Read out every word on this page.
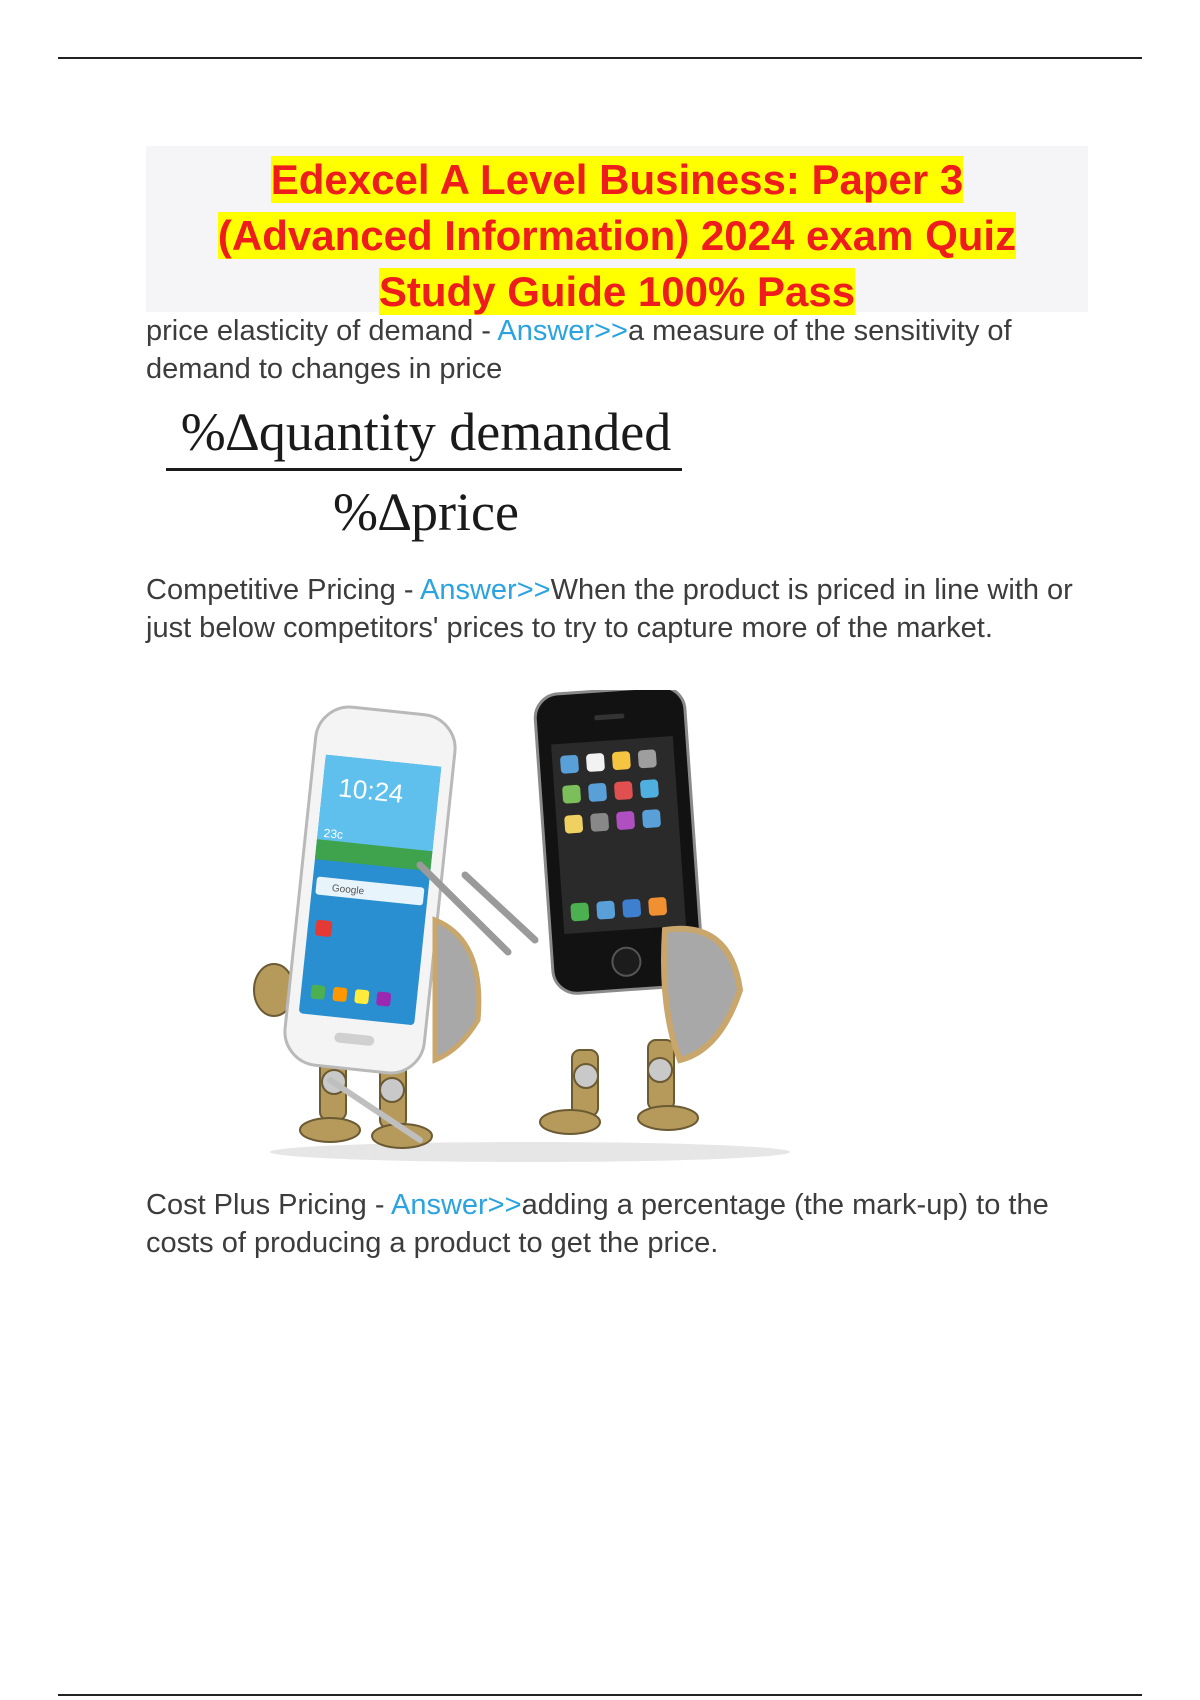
Edexcel A Level Business: Paper 3
(Advanced Information) 2024 exam Quiz
Study Guide 100% Pass
price elasticity of demand - Answer>>a measure of the sensitivity of demand to changes in price
%∆quantity demanded
%∆price
Competitive Pricing - Answer>>When the product is priced in line with or just below competitors' prices to try to capture more of the market.
10:24
23c
Google
Cost Plus Pricing - Answer>>adding a percentage (the mark-up) to the costs of producing a product to get the price.
